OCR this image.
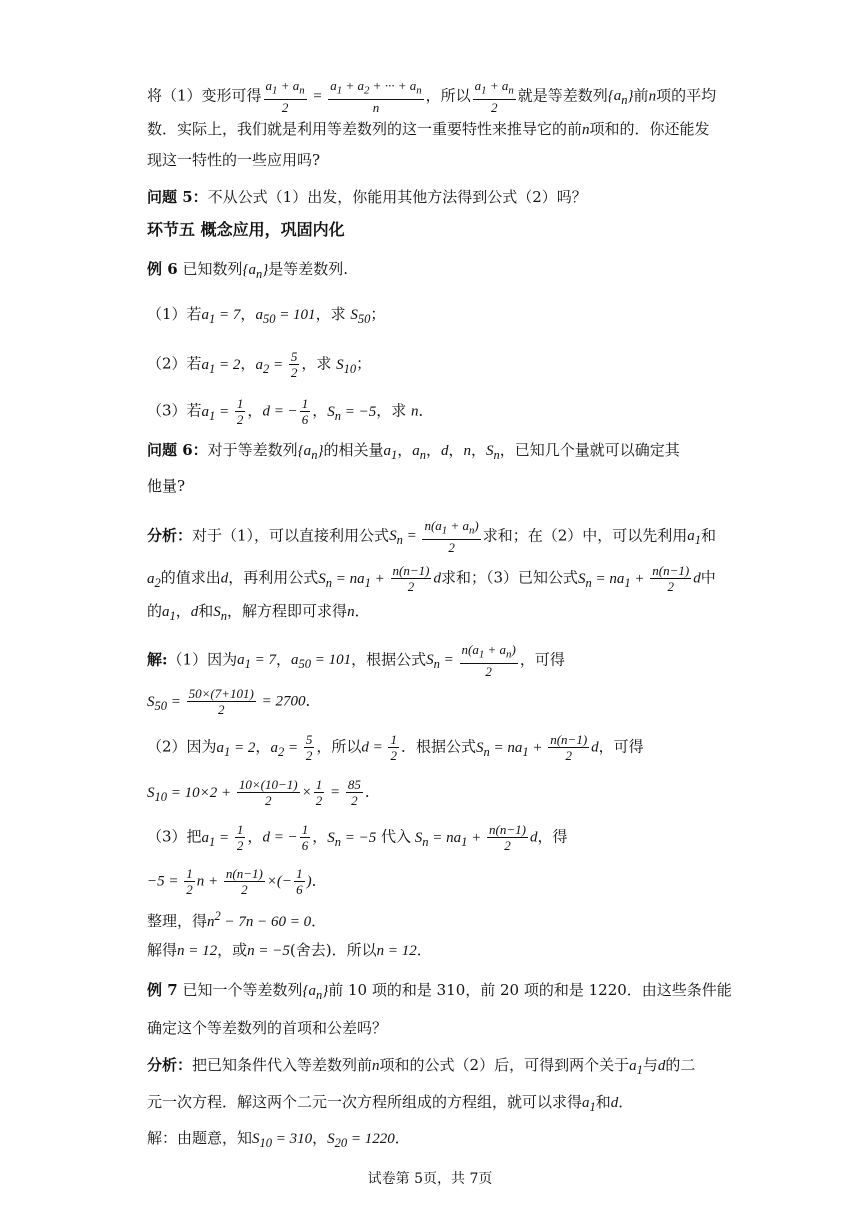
将（1）变形可得 $\frac{a_1 + a_n}{2} = \frac{a_1 + a_2 + \cdot\cdot\cdot + a_n}{n}$ ，所以 $\frac{a_1 + a_n}{2}$ 就是等差数列$\{a_n\}$前n项的平均
数．实际上，我们就是利用等差数列的这一重要特性来推导它的前n项和的．你还能发
现这一特性的一些应用吗?
问题 5：不从公式（1）出发，你能用其他方法得到公式（2）吗？
环节五 概念应用，巩固内化
例 6 已知数列$\{a_n\}$是等差数列.
（1）若$a_1 = 7$，$a_{50} = 101$，求 $S_{50}$；
（2）若$a_1 = 2$，$a_2 = \frac{5}{2}$ ，求 $S_{10}$；
（3）若$a_1 = \frac{1}{2}$ ，d = − $\frac{1}{6}$ ，$S_n = -5$，求 n．
问题 6：对于等差数列$\{a_n\}$的相关量$a_1$，$a_n$，d，n，$S_n$，已知几个量就可以确定其
他量?
分析：对于（1），可以直接利用公式$S_n = \frac{n(a_1 + a_n)}{2}$ 求和；在（2）中，可以先利用$a_1$和
$a_2$的值求出d，再利用公式$S_n = na_1 + \frac{n(n-1)}{2}$ d求和；（3）已知公式$S_n = na_1 + \frac{n(n-1)}{2}$ d中
的$a_1$，d和$S_n$，解方程即可求得n．
解:（1）因为$a_1 = 7$，$a_{50} = 101$，根据公式$S_n = \frac{n(a_1 + a_n)}{2}$ ，可得
$S_{50} = \frac{50\times(7+101)}{2} = 2700$．
（2）因为$a_1 = 2$，$a_2 = \frac{5}{2}$ ，所以$d = \frac{1}{2}$ ．根据公式$S_n = na_1 + \frac{n(n-1)}{2}$ d，可得
$S_{10} = 10\times 2 + \frac{10\times(10-1)}{2} \times \frac{1}{2} = \frac{85}{2}$ ．
（3）把$a_1 = \frac{1}{2}$ ，d = − $\frac{1}{6}$ ，$S_n = -5$ 代入 $S_n = na_1 + \frac{n(n-1)}{2}$ d，得
$-5 = \frac{1}{2}$ $n + \frac{n(n-1)}{2}$ ×(− $\frac{1}{6}$ )．
整理，得$n^2 - 7n - 60 = 0$．
解得n = 12，或n = −5(舍去)．所以n = 12．
例 7 已知一个等差数列$\{a_n\}$前 10 项的和是 310，前 20 项的和是 1220．由这些条件能
确定这个等差数列的首项和公差吗？
分析：把已知条件代入等差数列前n项和的公式（2）后，可得到两个关于$a_1$与d的二
元一次方程．解这两个二元一次方程所组成的方程组，就可以求得$a_1$和d．
解：由题意，知$S_{10} = 310$，$S_{20} = 1220$．
试卷第 5页，共 7页
